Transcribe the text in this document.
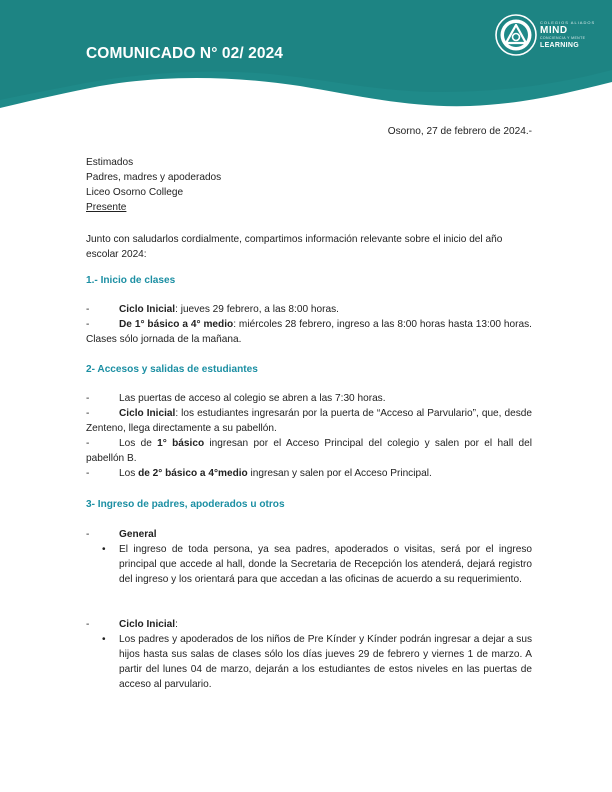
COMUNICADO N° 02/ 2024
COLEGIOS ALIADOS
MIND
CONCIENCIA Y MENTE
LEARNING
Osorno, 27 de febrero de 2024.-
Estimados
Padres, madres y apoderados
Liceo Osorno College
Presente
Junto con saludarlos cordialmente, compartimos información relevante sobre el inicio del año escolar 2024:
1.- Inicio de clases
-	Ciclo Inicial: jueves 29 febrero, a las 8:00 horas.
-	De 1° básico a 4° medio: miércoles 28 febrero, ingreso a las 8:00 horas hasta 13:00 horas. Clases sólo jornada de la mañana.
2- Accesos y salidas de estudiantes
-	Las puertas de acceso al colegio se abren a las 7:30 horas.
-	Ciclo Inicial: los estudiantes ingresarán por la puerta de “Acceso al Parvulario”, que, desde Zenteno, llega directamente a su pabellón.
-	Los de 1° básico ingresan por el Acceso Principal del colegio y salen por el hall del pabellón B.
-	Los de 2° básico a 4°medio ingresan y salen por el Acceso Principal.
3- Ingreso de padres, apoderados u otros
-	General
• El ingreso de toda persona, ya sea padres, apoderados o visitas, será por el ingreso principal que accede al hall, donde la Secretaria de Recepción los atenderá, dejará registro del ingreso y los orientará para que accedan a las oficinas de acuerdo a su requerimiento.
-	Ciclo Inicial:
• Los padres y apoderados de los niños de Pre Kínder y Kínder podrán ingresar a dejar a sus hijos hasta sus salas de clases sólo los días jueves 29 de febrero y viernes 1 de marzo. A partir del lunes 04 de marzo, dejarán a los estudiantes de estos niveles en las puertas de acceso al parvulario.
